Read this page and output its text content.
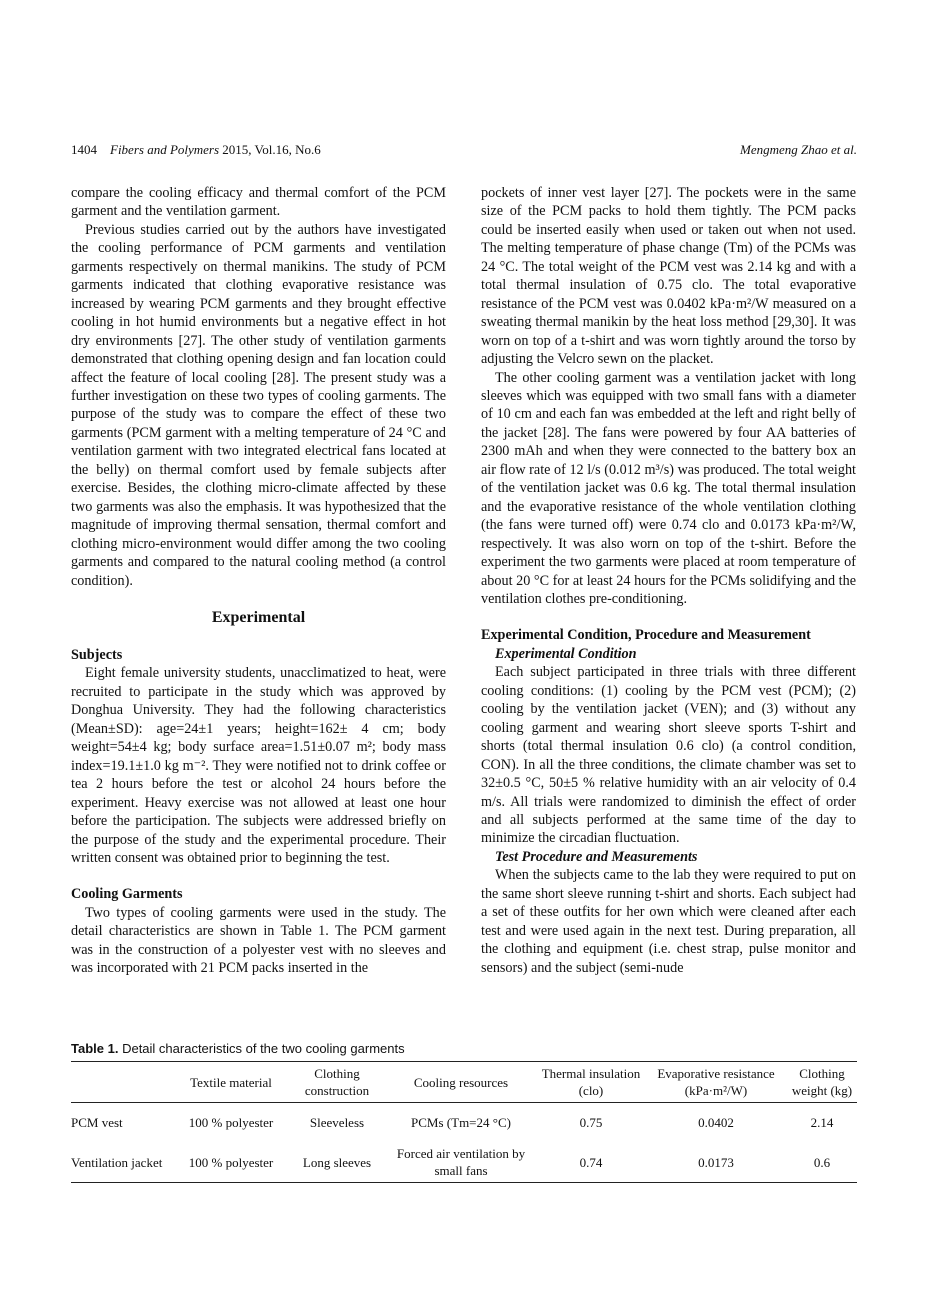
1404 Fibers and Polymers 2015, Vol.16, No.6	Mengmeng Zhao et al.

compare the cooling efficacy and thermal comfort of the PCM garment and the ventilation garment.

Previous studies carried out by the authors have investigated the cooling performance of PCM garments and ventilation garments respectively on thermal manikins. The study of PCM garments indicated that clothing evaporative resistance was increased by wearing PCM garments and they brought effective cooling in hot humid environments but a negative effect in hot dry environments [27]. The other study of ventilation garments demonstrated that clothing opening design and fan location could affect the feature of local cooling [28]. The present study was a further investigation on these two types of cooling garments. The purpose of the study was to compare the effect of these two garments (PCM garment with a melting temperature of 24 °C and ventilation garment with two integrated electrical fans located at the belly) on thermal comfort used by female subjects after exercise. Besides, the clothing micro-climate affected by these two garments was also the emphasis. It was hypothesized that the magnitude of improving thermal sensation, thermal comfort and clothing micro-environment would differ among the two cooling garments and compared to the natural cooling method (a control condition).

Experimental
Subjects

Eight female university students, unacclimatized to heat, were recruited to participate in the study which was approved by Donghua University. They had the following characteristics (Mean±SD): age=24±1 years; height=162± 4 cm; body weight=54±4 kg; body surface area=1.51±0.07 m²; body mass index=19.1±1.0 kg m⁻². They were notified not to drink coffee or tea 2 hours before the test or alcohol 24 hours before the experiment. Heavy exercise was not allowed at least one hour before the participation. The subjects were addressed briefly on the purpose of the study and the experimental procedure. Their written consent was obtained prior to beginning the test.

Cooling Garments

Two types of cooling garments were used in the study. The detail characteristics are shown in Table 1. The PCM garment was in the construction of a polyester vest with no sleeves and was incorporated with 21 PCM packs inserted in the

pockets of inner vest layer [27]. The pockets were in the same size of the PCM packs to hold them tightly. The PCM packs could be inserted easily when used or taken out when not used. The melting temperature of phase change (Tm) of the PCMs was 24 °C. The total weight of the PCM vest was 2.14 kg and with a total thermal insulation of 0.75 clo. The total evaporative resistance of the PCM vest was 0.0402 kPa·m²/W measured on a sweating thermal manikin by the heat loss method [29,30]. It was worn on top of a t-shirt and was worn tightly around the torso by adjusting the Velcro sewn on the placket.

The other cooling garment was a ventilation jacket with long sleeves which was equipped with two small fans with a diameter of 10 cm and each fan was embedded at the left and right belly of the jacket [28]. The fans were powered by four AA batteries of 2300 mAh and when they were connected to the battery box an air flow rate of 12 l/s (0.012 m³/s) was produced. The total weight of the ventilation jacket was 0.6 kg. The total thermal insulation and the evaporative resistance of the whole ventilation clothing (the fans were turned off) were 0.74 clo and 0.0173 kPa·m²/W, respectively. It was also worn on top of the t-shirt. Before the experiment the two garments were placed at room temperature of about 20 °C for at least 24 hours for the PCMs solidifying and the ventilation clothes pre-conditioning.

Experimental Condition, Procedure and Measurement
Experimental Condition

Each subject participated in three trials with three different cooling conditions: (1) cooling by the PCM vest (PCM); (2) cooling by the ventilation jacket (VEN); and (3) without any cooling garment and wearing short sleeve sports T-shirt and shorts (total thermal insulation 0.6 clo) (a control condition, CON). In all the three conditions, the climate chamber was set to 32±0.5 °C, 50±5 % relative humidity with an air velocity of 0.4 m/s. All trials were randomized to diminish the effect of order and all subjects performed at the same time of the day to minimize the circadian fluctuation.

Test Procedure and Measurements

When the subjects came to the lab they were required to put on the same short sleeve running t-shirt and shorts. Each subject had a set of these outfits for her own which were cleaned after each test and were used again in the next test. During preparation, all the clothing and equipment (i.e. chest strap, pulse monitor and sensors) and the subject (semi-nude

Table 1. Detail characteristics of the two cooling garments
	Textile material	Clothing construction	Cooling resources	Thermal insulation (clo)	Evaporative resistance (kPa·m²/W)	Clothing weight (kg)
PCM vest	100 % polyester	Sleeveless	PCMs (Tm=24 °C)	0.75	0.0402	2.14
Ventilation jacket	100 % polyester	Long sleeves	Forced air ventilation by small fans	0.74	0.0173	0.6
